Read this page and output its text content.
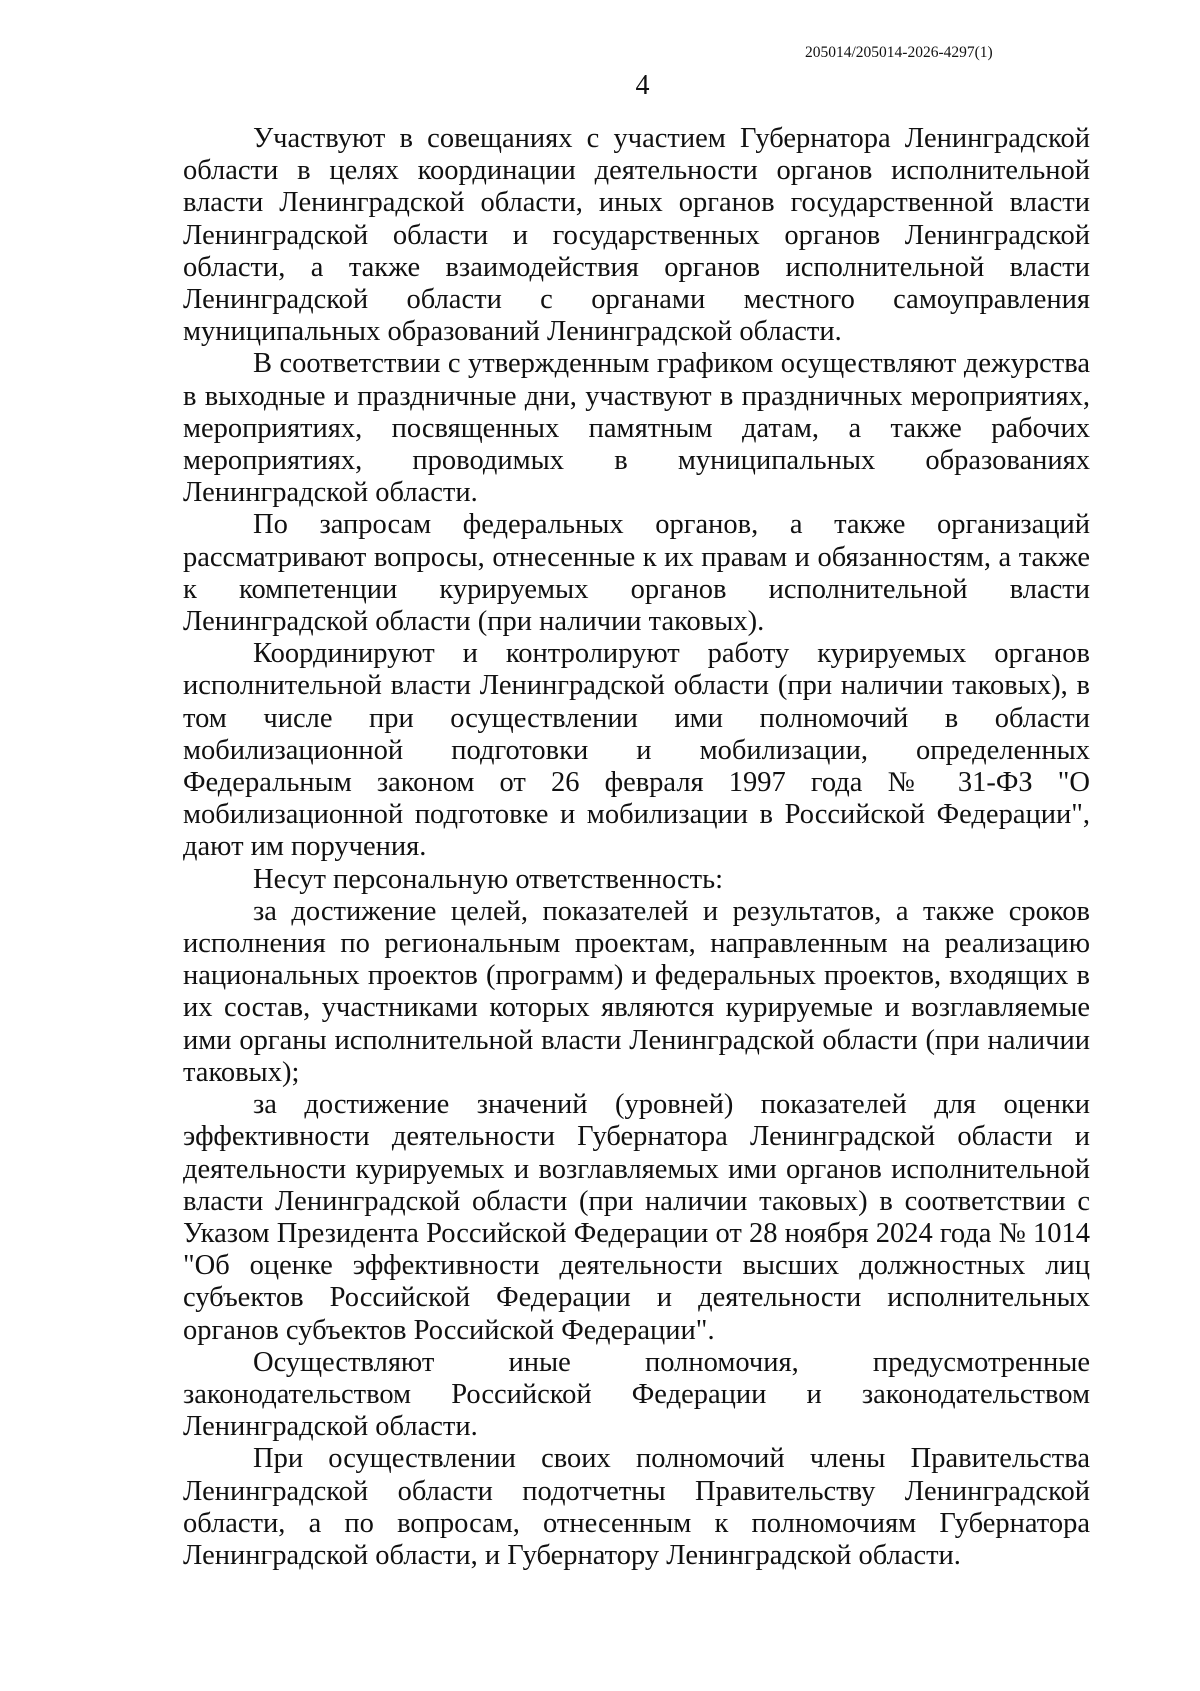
205014/205014-2026-4297(1)
4

Участвуют в совещаниях с участием Губернатора Ленинградской области в целях координации деятельности органов исполнительной власти Ленинградской области, иных органов государственной власти Ленинградской области и государственных органов Ленинградской области, а также взаимодействия органов исполнительной власти Ленинградской области с органами местного самоуправления муниципальных образований Ленинградской области.

В соответствии с утвержденным графиком осуществляют дежурства в выходные и праздничные дни, участвуют в праздничных мероприятиях, мероприятиях, посвященных памятным датам, а также рабочих мероприятиях, проводимых в муниципальных образованиях Ленинградской области.

По запросам федеральных органов, а также организаций рассматривают вопросы, отнесенные к их правам и обязанностям, а также к компетенции курируемых органов исполнительной власти Ленинградской области (при наличии таковых).

Координируют и контролируют работу курируемых органов исполнительной власти Ленинградской области (при наличии таковых), в том числе при осуществлении ими полномочий в области мобилизационной подготовки и мобилизации, определенных Федеральным законом от 26 февраля 1997 года № 31-ФЗ "О мобилизационной подготовке и мобилизации в Российской Федерации", дают им поручения.

Несут персональную ответственность:

за достижение целей, показателей и результатов, а также сроков исполнения по региональным проектам, направленным на реализацию национальных проектов (программ) и федеральных проектов, входящих в их состав, участниками которых являются курируемые и возглавляемые ими органы исполнительной власти Ленинградской области (при наличии таковых);

за достижение значений (уровней) показателей для оценки эффективности деятельности Губернатора Ленинградской области и деятельности курируемых и возглавляемых ими органов исполнительной власти Ленинградской области (при наличии таковых) в соответствии с Указом Президента Российской Федерации от 28 ноября 2024 года № 1014 "Об оценке эффективности деятельности высших должностных лиц субъектов Российской Федерации и деятельности исполнительных органов субъектов Российской Федерации".

Осуществляют иные полномочия, предусмотренные законодательством Российской Федерации и законодательством Ленинградской области.

При осуществлении своих полномочий члены Правительства Ленинградской области подотчетны Правительству Ленинградской области, а по вопросам, отнесенным к полномочиям Губернатора Ленинградской области, и Губернатору Ленинградской области.
